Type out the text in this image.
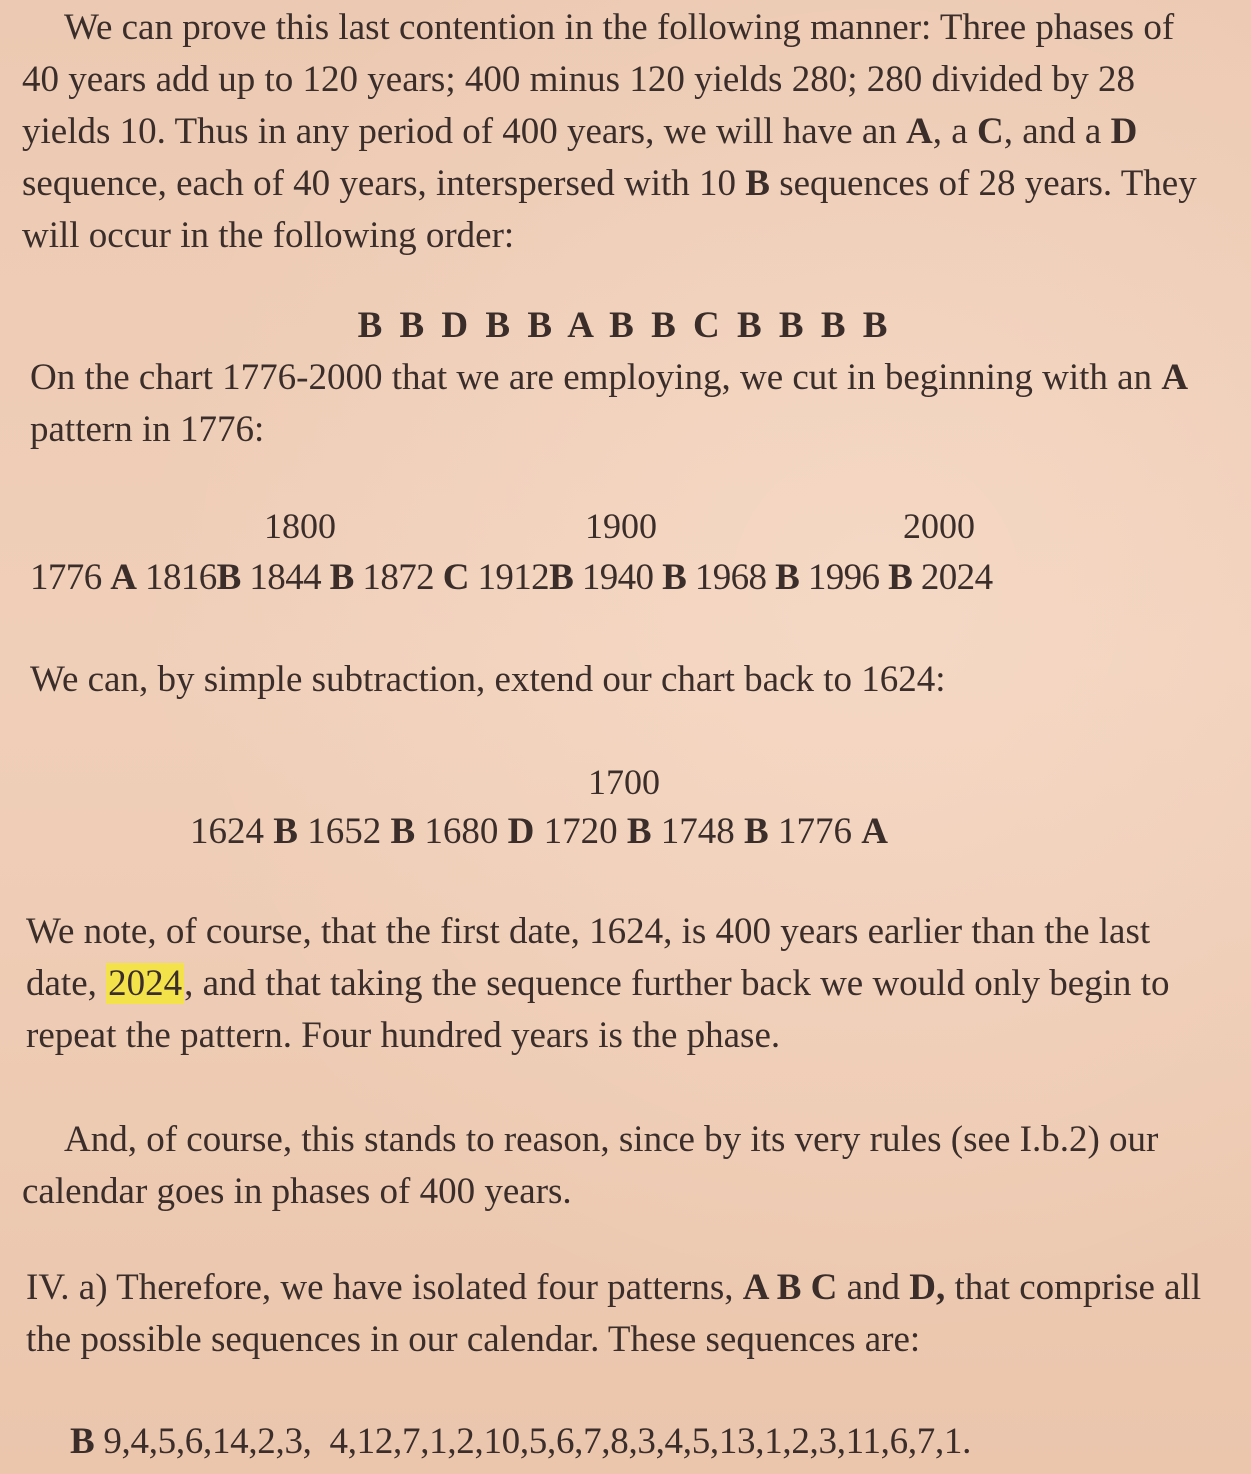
We can prove this last contention in the following manner: Three phases of 40 years add up to 120 years; 400 minus 120 yields 280; 280 divided by 28 yields 10. Thus in any period of 400 years, we will have an A, a C, and a D sequence, each of 40 years, interspersed with 10 B sequences of 28 years. They will occur in the following order:

B B D B B A B B C B B B B

On the chart 1776-2000 that we are employing, we cut in beginning with an A pattern in 1776:

1800	1900	2000
1776 A 1816B 1844 B 1872 C 1912B 1940 B 1968 B 1996 B 2024

We can, by simple subtraction, extend our chart back to 1624:

1700
1624 B 1652 B 1680 D 1720 B 1748 B 1776 A

We note, of course, that the first date, 1624, is 400 years earlier than the last date, 2024, and that taking the sequence further back we would only begin to repeat the pattern. Four hundred years is the phase.

And, of course, this stands to reason, since by its very rules (see I.b.2) our calendar goes in phases of 400 years.

IV. a) Therefore, we have isolated four patterns, A B C and D, that comprise all the possible sequences in our calendar. These sequences are:

B 9,4,5,6,14,2,3,  4,12,7,1,2,10,5,6,7,8,3,4,5,13,1,2,3,11,6,7,1.
